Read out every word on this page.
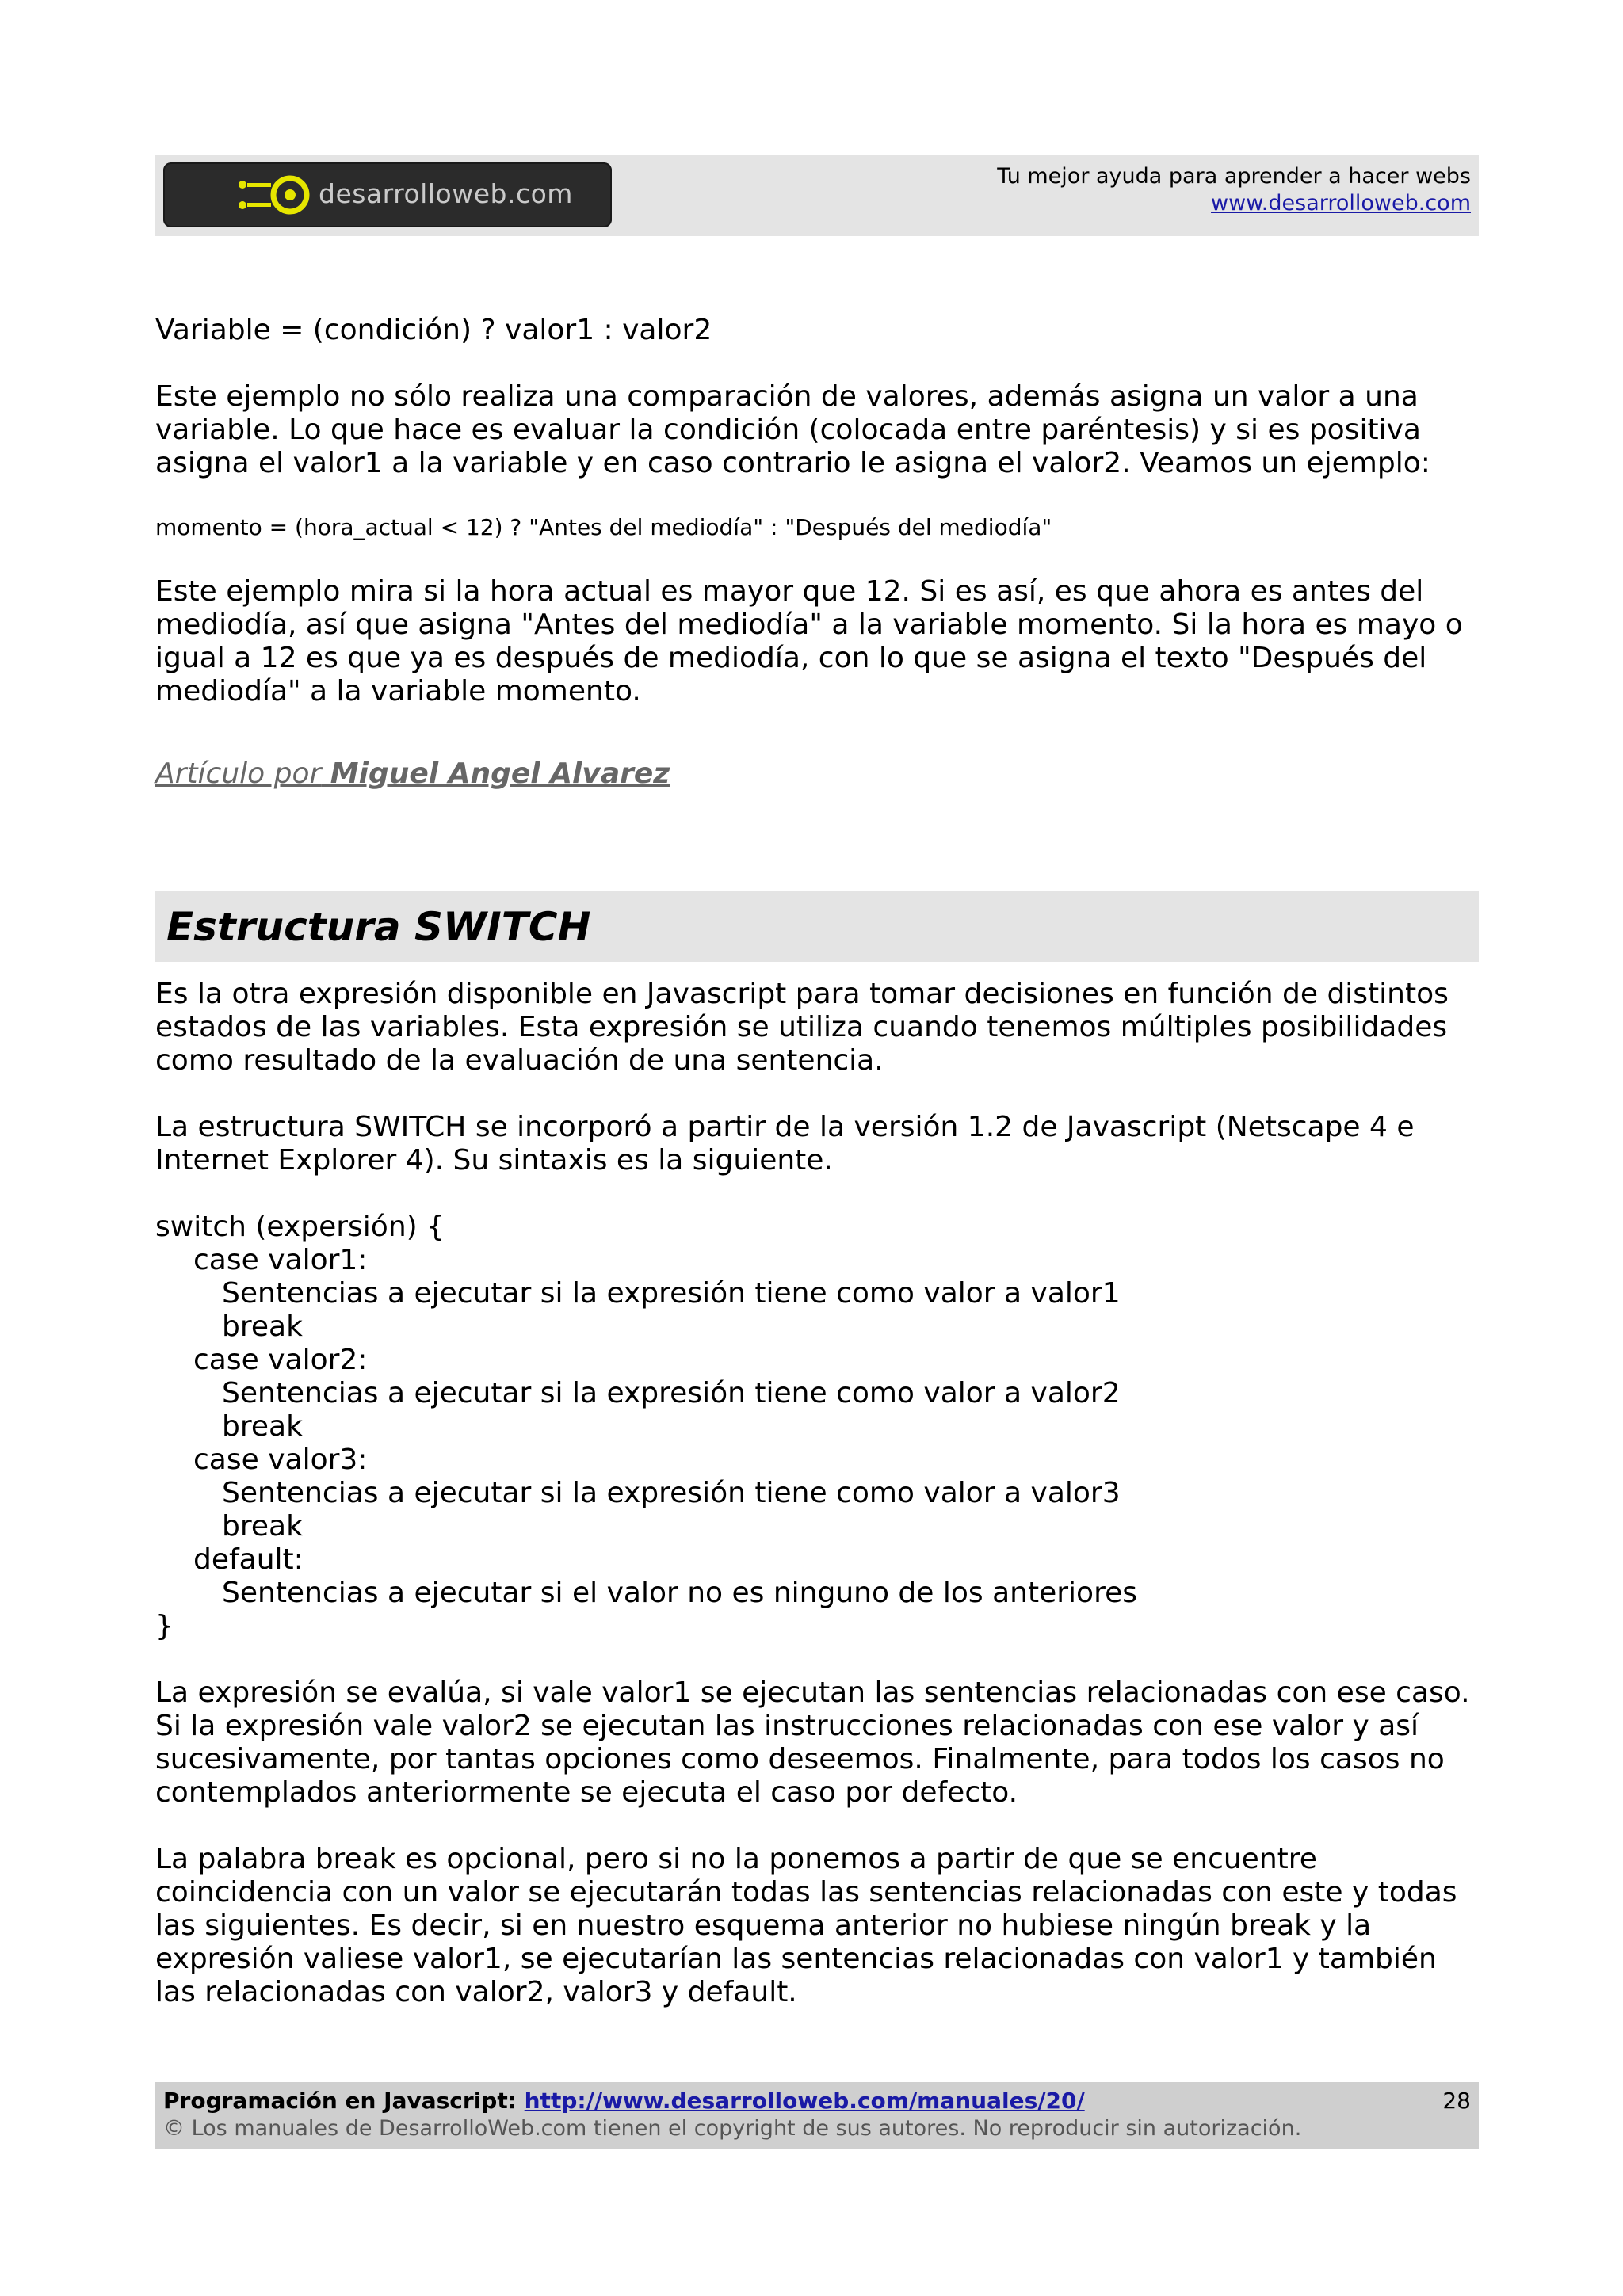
desarrolloweb.com
Tu mejor ayuda para aprender a hacer webs
www.desarrolloweb.com

Variable = (condición) ? valor1 : valor2

Este ejemplo no sólo realiza una comparación de valores, además asigna un valor a una variable. Lo que hace es evaluar la condición (colocada entre paréntesis) y si es positiva asigna el valor1 a la variable y en caso contrario le asigna el valor2. Veamos un ejemplo:

momento = (hora_actual < 12) ? "Antes del mediodía" : "Después del mediodía"

Este ejemplo mira si la hora actual es mayor que 12. Si es así, es que ahora es antes del mediodía, así que asigna "Antes del mediodía" a la variable momento. Si la hora es mayo o igual a 12 es que ya es después de mediodía, con lo que se asigna el texto "Después del mediodía" a la variable momento.

Artículo por Miguel Angel Alvarez
Estructura SWITCH

Es la otra expresión disponible en Javascript para tomar decisiones en función de distintos estados de las variables. Esta expresión se utiliza cuando tenemos múltiples posibilidades como resultado de la evaluación de una sentencia.

La estructura SWITCH se incorporó a partir de la versión 1.2 de Javascript (Netscape 4 e Internet Explorer 4). Su sintaxis es la siguiente.

switch (expersión) {
case valor1:
Sentencias a ejecutar si la expresión tiene como valor a valor1
break
case valor2:
Sentencias a ejecutar si la expresión tiene como valor a valor2
break
case valor3:
Sentencias a ejecutar si la expresión tiene como valor a valor3
break
default:
Sentencias a ejecutar si el valor no es ninguno de los anteriores
}

La expresión se evalúa, si vale valor1 se ejecutan las sentencias relacionadas con ese caso. Si la expresión vale valor2 se ejecutan las instrucciones relacionadas con ese valor y así sucesivamente, por tantas opciones como deseemos. Finalmente, para todos los casos no contemplados anteriormente se ejecuta el caso por defecto.

La palabra break es opcional, pero si no la ponemos a partir de que se encuentre coincidencia con un valor se ejecutarán todas las sentencias relacionadas con este y todas las siguientes. Es decir, si en nuestro esquema anterior no hubiese ningún break y la expresión valiese valor1, se ejecutarían las sentencias relacionadas con valor1 y también las relacionadas con valor2, valor3 y default.

Programación en Javascript: http://www.desarrolloweb.com/manuales/20/
© Los manuales de DesarrolloWeb.com tienen el copyright de sus autores. No reproducir sin autorización.
28
